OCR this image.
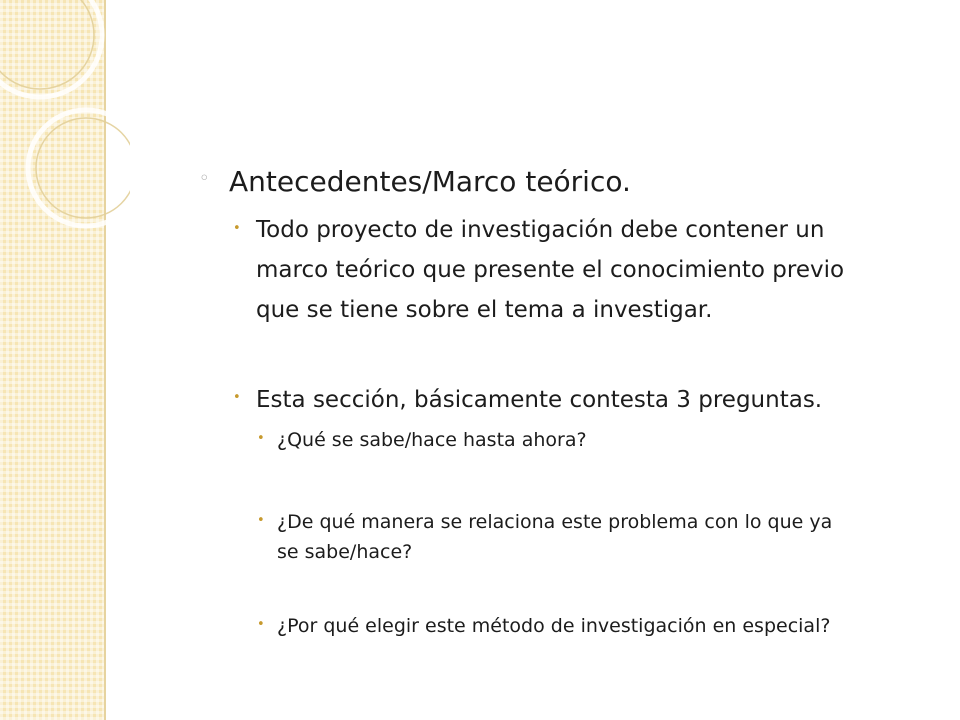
◦ Antecedentes/Marco teórico.
• Todo proyecto de investigación debe contener un
marco teórico que presente el conocimiento previo
que se tiene sobre el tema a investigar.
• Esta sección, básicamente contesta 3 preguntas.
• ¿Qué se sabe/hace hasta ahora?
• ¿De qué manera se relaciona este problema con lo que ya
se sabe/hace?
• ¿Por qué elegir este método de investigación en especial?
